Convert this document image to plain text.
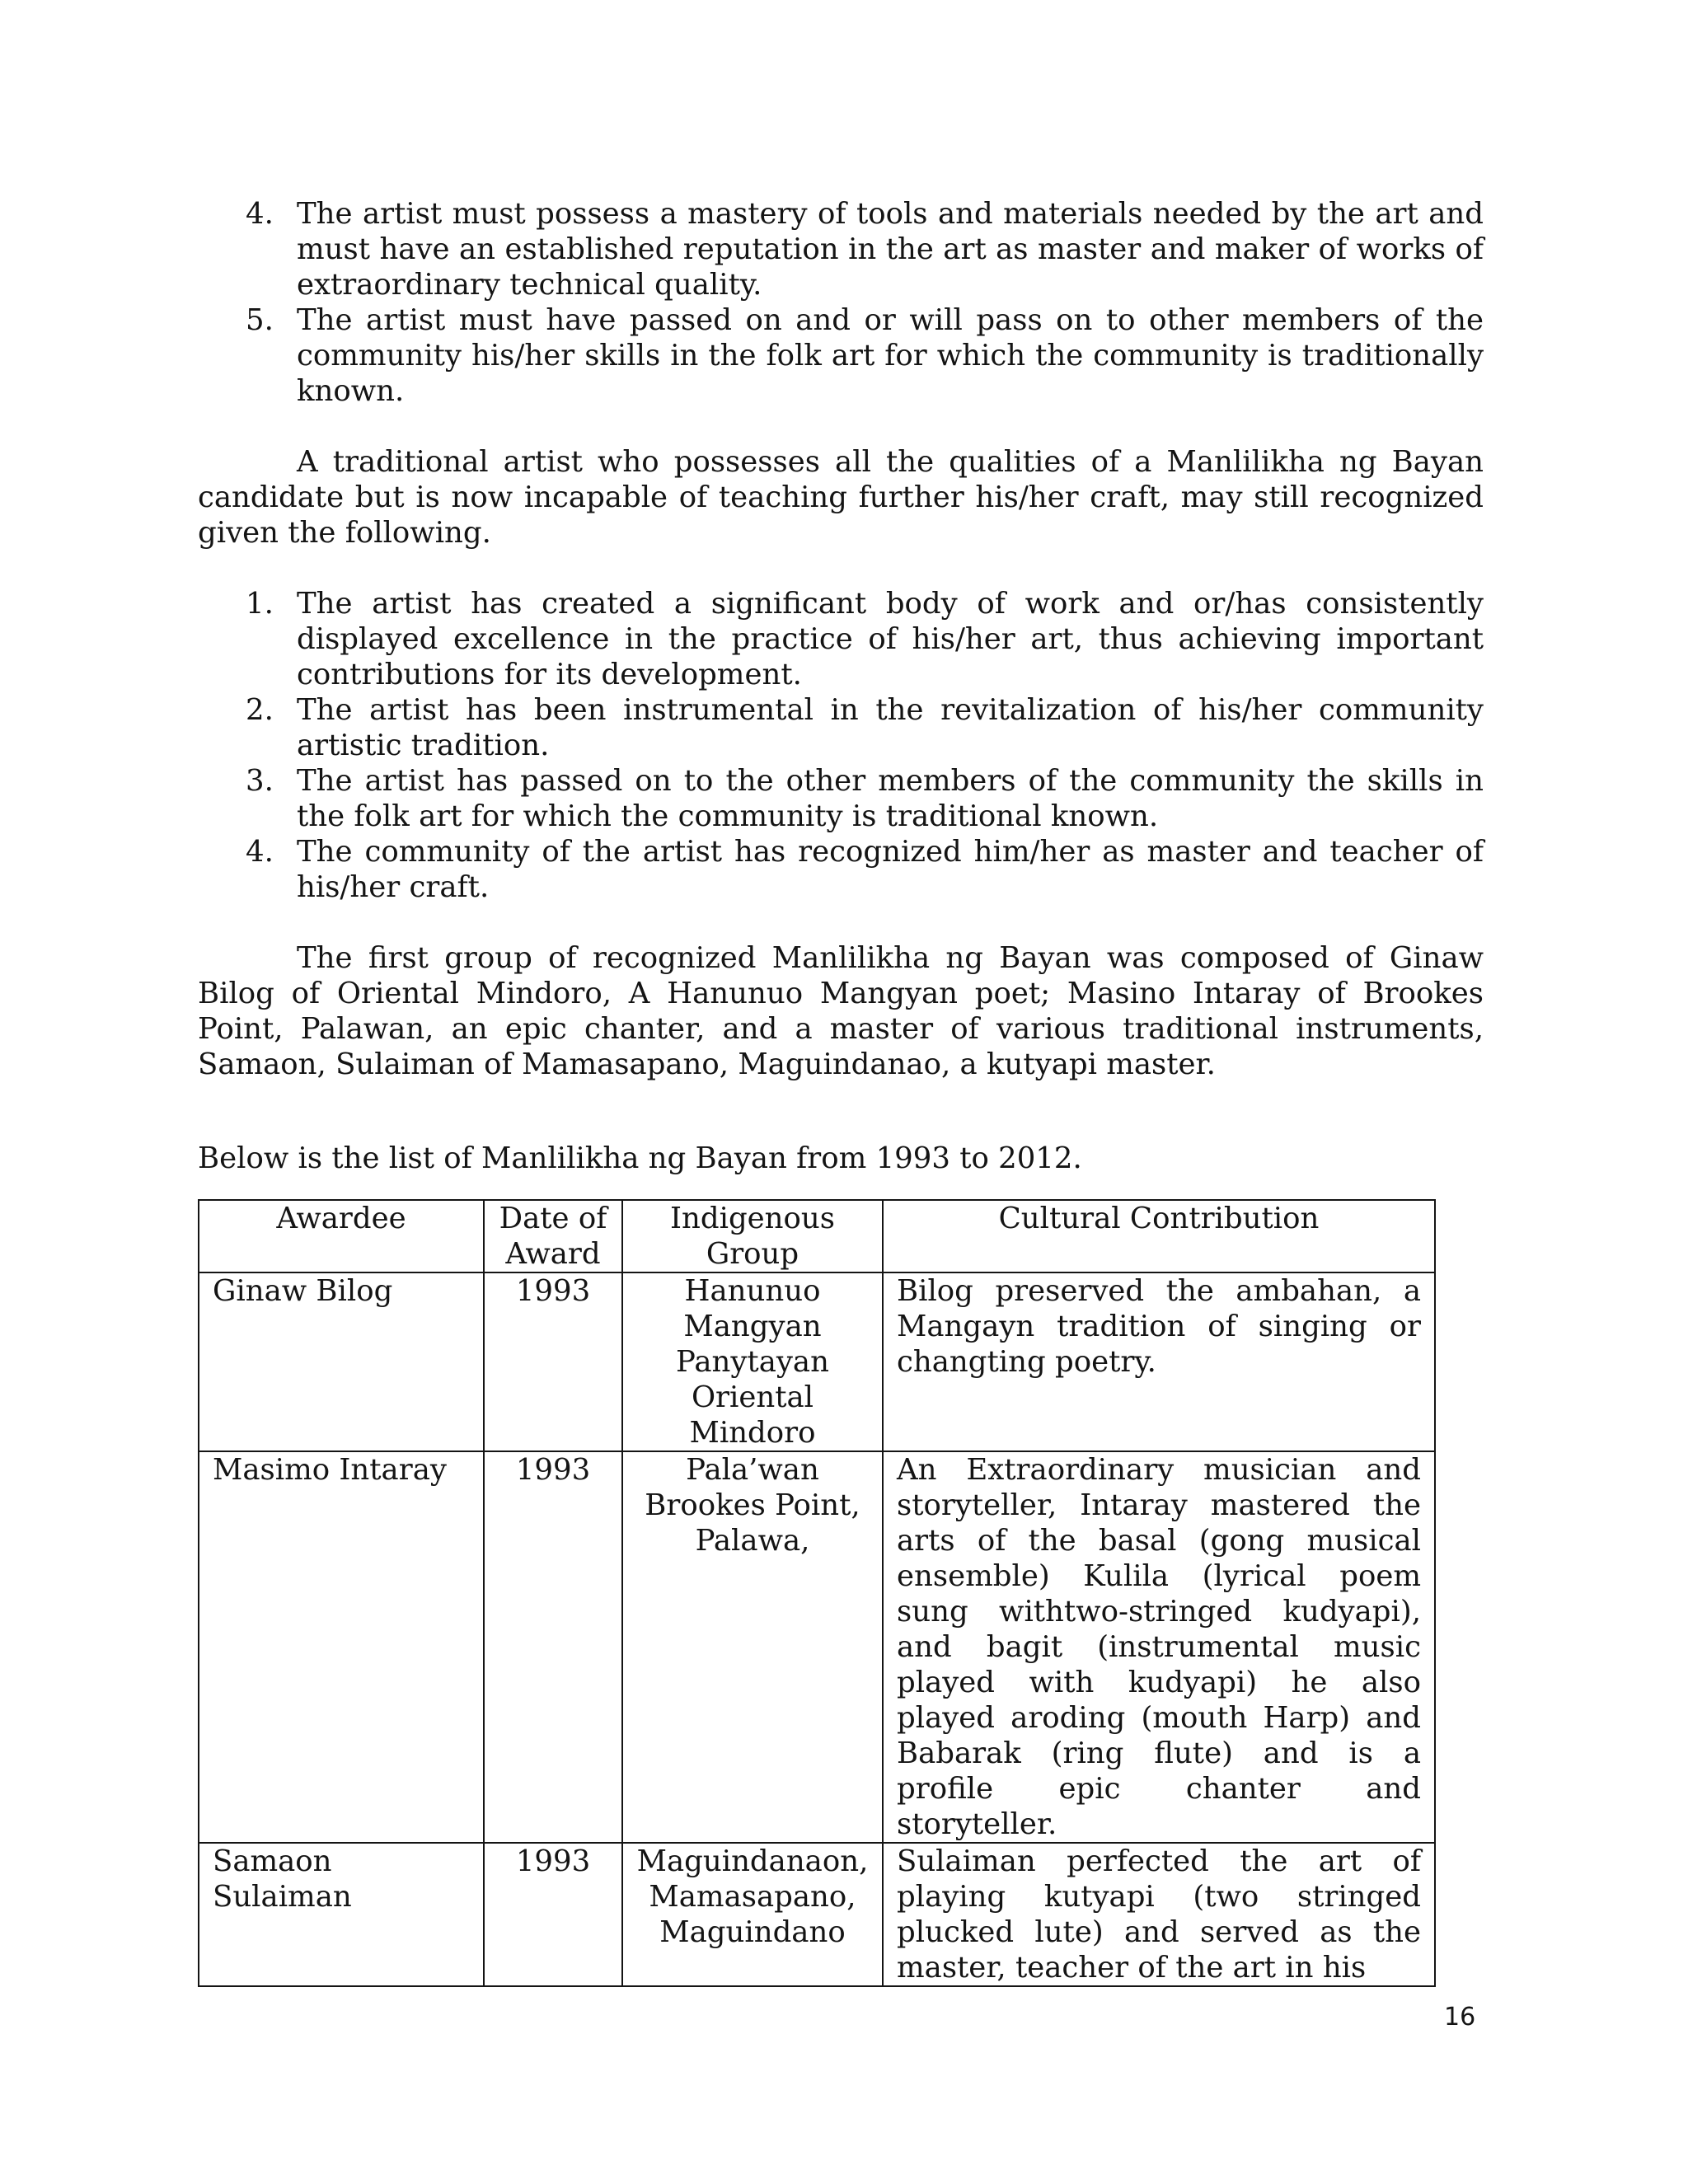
4. The artist must possess a mastery of tools and materials needed by the art and must have an established reputation in the art as master and maker of works of extraordinary technical quality.
5. The artist must have passed on and or will pass on to other members of the community his/her skills in the folk art for which the community is traditionally known.

A traditional artist who possesses all the qualities of a Manlilikha ng Bayan candidate but is now incapable of teaching further his/her craft, may still recognized given the following.

1. The artist has created a significant body of work and or/has consistently displayed excellence in the practice of his/her art, thus achieving important contributions for its development.
2. The artist has been instrumental in the revitalization of his/her community artistic tradition.
3. The artist has passed on to the other members of the community the skills in the folk art for which the community is traditional known.
4. The community of the artist has recognized him/her as master and teacher of his/her craft.

The first group of recognized Manlilikha ng Bayan was composed of Ginaw Bilog of Oriental Mindoro, A Hanunuo Mangyan poet; Masino Intaray of Brookes Point, Palawan, an epic chanter, and a master of various traditional instruments, Samaon, Sulaiman of Mamasapano, Maguindanao, a kutyapi master.

Below is the list of Manlilikha ng Bayan from 1993 to 2012.

Awardee	Date of Award	Indigenous Group	Cultural Contribution
Ginaw Bilog	1993	Hanunuo Mangyan Panytayan Oriental Mindoro	Bilog preserved the ambahan, a Mangayn tradition of singing or changting poetry.
Masimo Intaray	1993	Pala’wan Brookes Point, Palawa,	An Extraordinary musician and storyteller, Intaray mastered the arts of the basal (gong musical ensemble) Kulila (lyrical poem sung withtwo-stringed kudyapi), and bagit (instrumental music played with kudyapi) he also played aroding (mouth Harp) and Babarak (ring flute) and is a profile epic chanter and storyteller.
Samaon Sulaiman	1993	Maguindanaon, Mamasapano, Maguindano	Sulaiman perfected the art of playing kutyapi (two stringed plucked lute) and served as the master, teacher of the art in his
16
